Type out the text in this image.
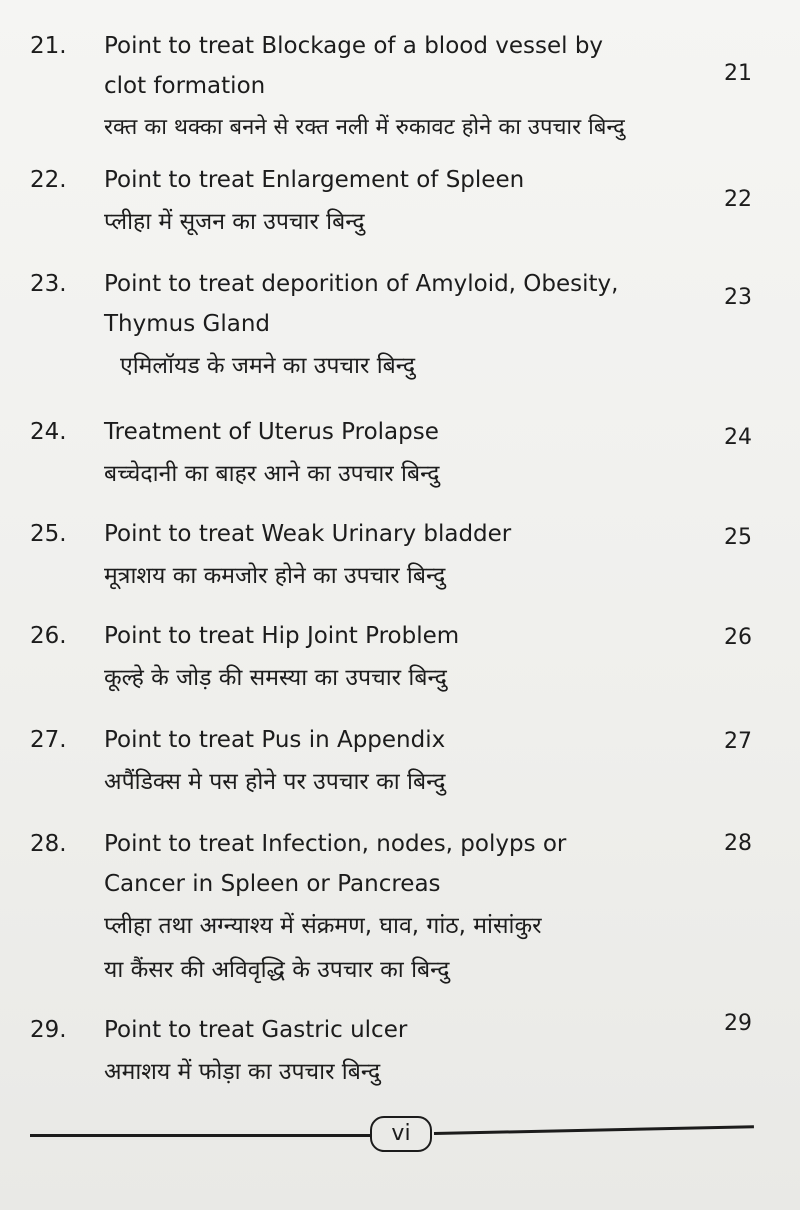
21. Point to treat Blockage of a blood vessel by

clot formation

रक्त का थक्का बनने से रक्त नली में रुकावट होने का उपचार बिन्दु

21
22. Point to treat Enlargement of Spleen

प्लीहा में सूजन का उपचार बिन्दु

22
23. Point to treat deporition of Amyloid, Obesity,

Thymus Gland

एमिलॉयड के जमने का उपचार बिन्दु

23
24. Treatment of Uterus Prolapse

बच्चेदानी का बाहर आने का उपचार बिन्दु

24
25. Point to treat Weak Urinary bladder

मूत्राशय का कमजोर होने का उपचार बिन्दु

25
26. Point to treat Hip Joint Problem

कूल्हे के जोड़ की समस्या का उपचार बिन्दु

26
27. Point to treat Pus in Appendix

अपैंडिक्स मे पस होने पर उपचार का बिन्दु

27
28. Point to treat Infection, nodes, polyps or

Cancer in Spleen or Pancreas

प्लीहा तथा अग्न्याश्य में संक्रमण, घाव, गांठ, मांसांकुर

या कैंसर की अविवृद्धि के उपचार का बिन्दु

28
29. Point to treat Gastric ulcer

अमाशय में फोड़ा का उपचार बिन्दु

29
vi
